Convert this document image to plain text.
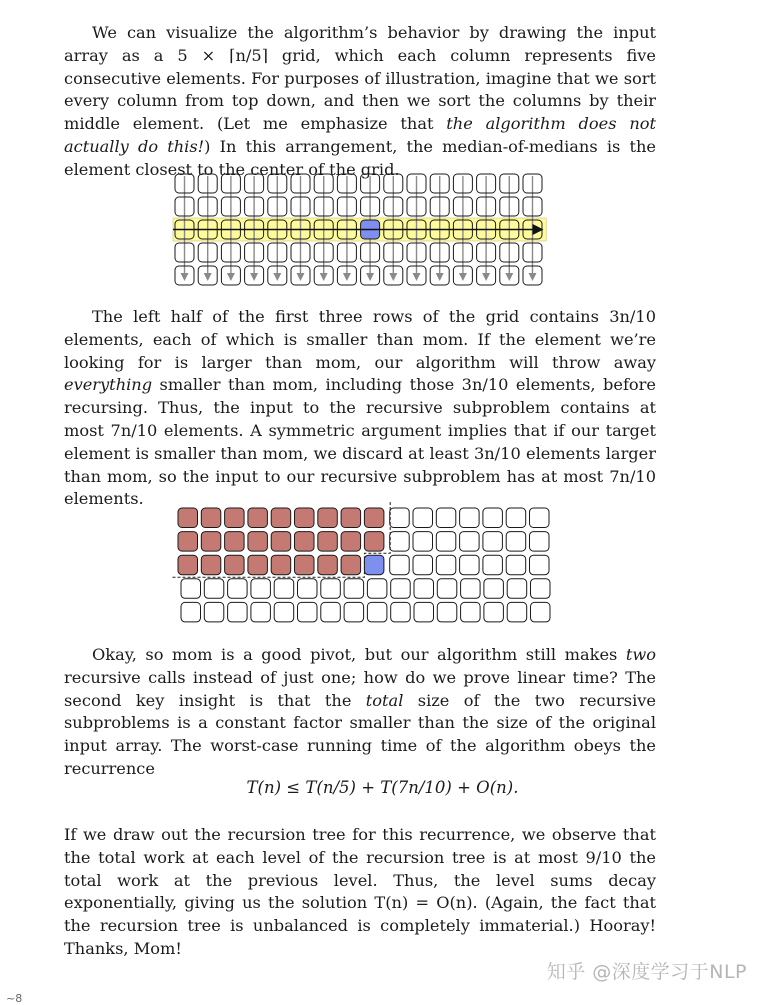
We can visualize the algorithm’s behavior by drawing the input array as a 5 × ⌈n/5⌉ grid, which each column represents five consecutive elements. For purposes of illustration, imagine that we sort every column from top down, and then we sort the columns by their middle element. (Let me emphasize that the algorithm does not actually do this!) In this arrangement, the median-of-medians is the element closest to the center of the grid.

The left half of the first three rows of the grid contains 3n/10 elements, each of which is smaller than mom. If the element we’re looking for is larger than mom, our algorithm will throw away everything smaller than mom, including those 3n/10 elements, before recursing. Thus, the input to the recursive subproblem contains at most 7n/10 elements. A symmetric argument implies that if our target element is smaller than mom, we discard at least 3n/10 elements larger than mom, so the input to our recursive subproblem has at most 7n/10 elements.

Okay, so mom is a good pivot, but our algorithm still makes two recursive calls instead of just one; how do we prove linear time? The second key insight is that the total size of the two recursive subproblems is a constant factor smaller than the size of the original input array. The worst-case running time of the algorithm obeys the recurrence

T(n) ≤ T(n/5) + T(7n/10) + O(n).

If we draw out the recursion tree for this recurrence, we observe that the total work at each level of the recursion tree is at most 9/10 the total work at the previous level. Thus, the level sums decay exponentially, giving us the solution T(n) = O(n). (Again, the fact that the recursion tree is unbalanced is completely immaterial.) Hooray! Thanks, Mom!

知乎 @深度学习于NLP
~8
